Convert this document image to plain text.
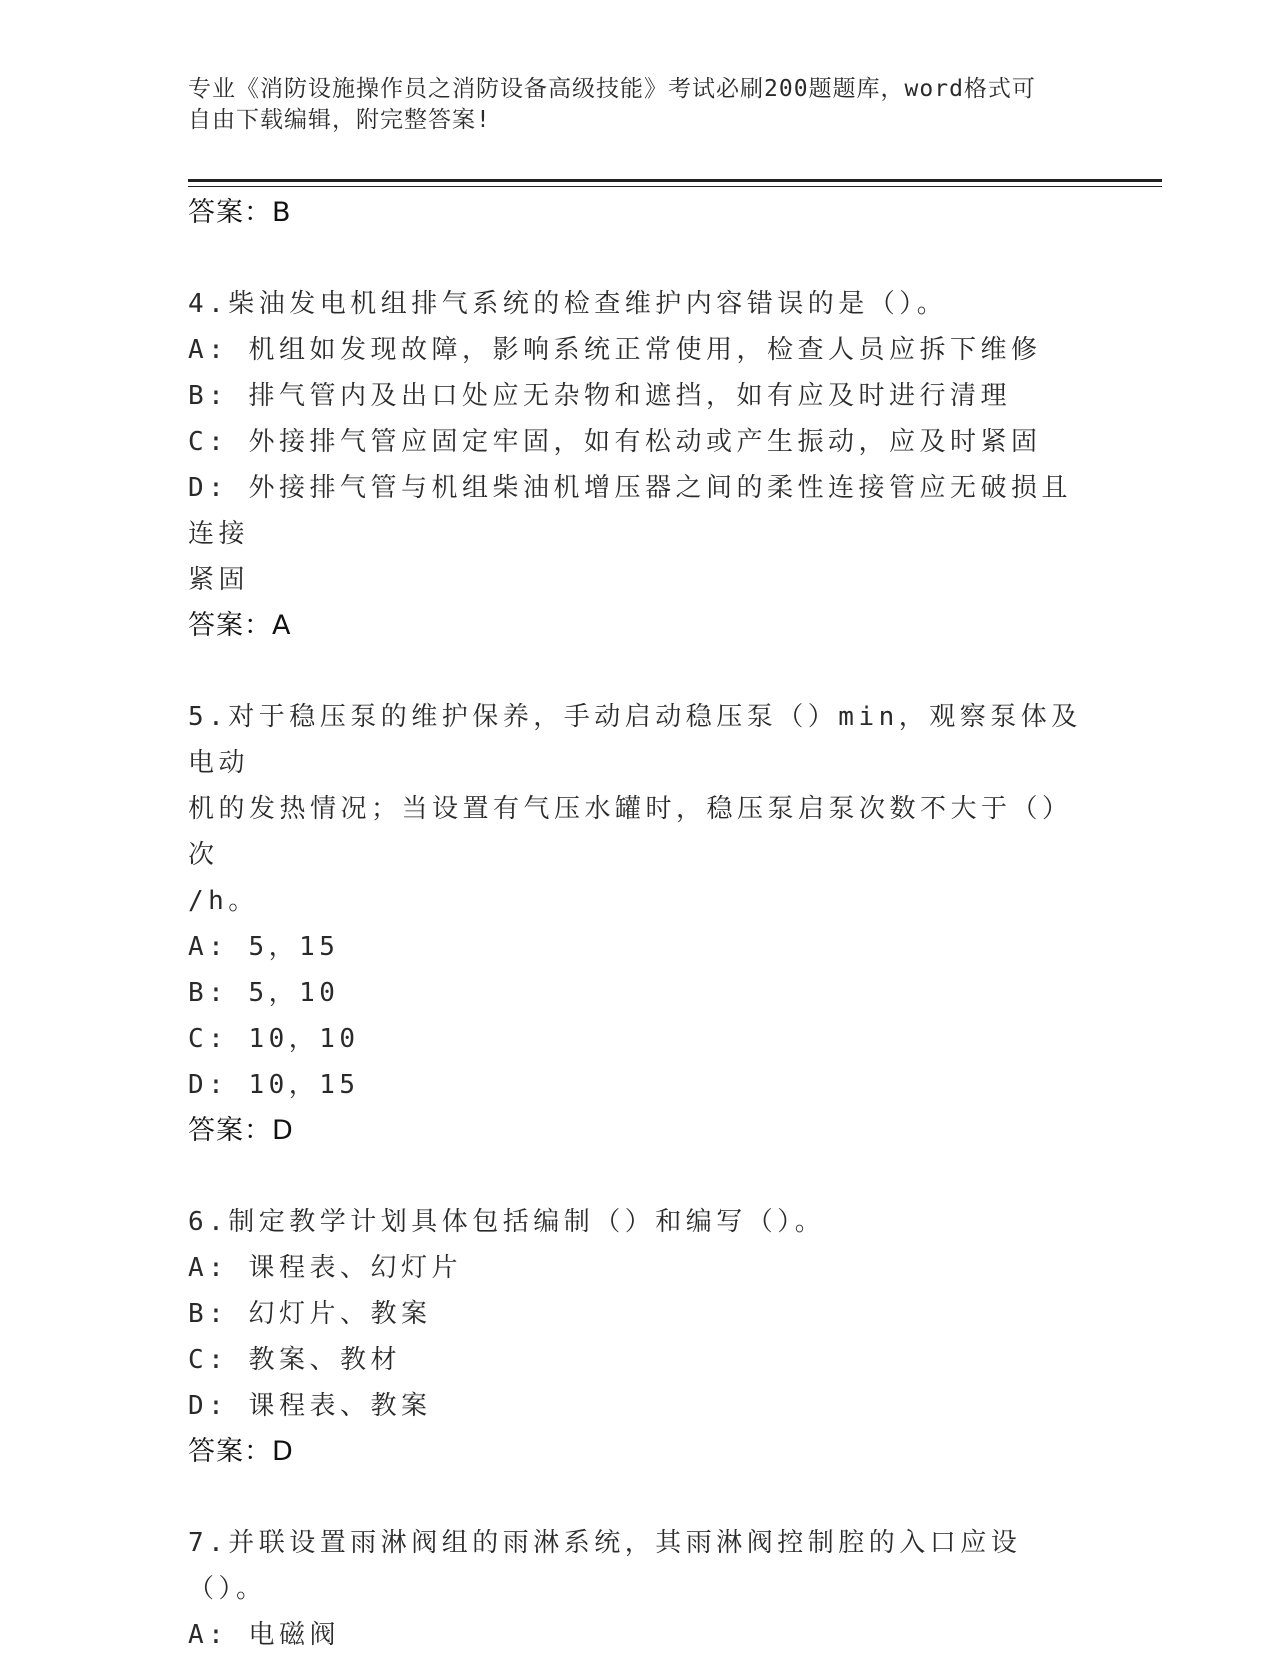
专业《消防设施操作员之消防设备高级技能》考试必刷200题题库，word格式可
自由下载编辑，附完整答案!
答案：B
4.柴油发电机组排气系统的检查维护内容错误的是（）。
A: 机组如发现故障，影响系统正常使用，检查人员应拆下维修
B: 排气管内及出口处应无杂物和遮挡，如有应及时进行清理
C: 外接排气管应固定牢固，如有松动或产生振动，应及时紧固
D: 外接排气管与机组柴油机增压器之间的柔性连接管应无破损且连接
紧固
答案：A
5.对于稳压泵的维护保养，手动启动稳压泵（）min，观察泵体及电动
机的发热情况；当设置有气压水罐时，稳压泵启泵次数不大于（）次
/h。
A: 5，15
B: 5，10
C: 10，10
D: 10，15
答案：D
6.制定教学计划具体包括编制（）和编写（）。
A: 课程表、幻灯片
B: 幻灯片、教案
C: 教案、教材
D: 课程表、教案
答案：D
7.并联设置雨淋阀组的雨淋系统，其雨淋阀控制腔的入口应设（）。
A: 电磁阀
